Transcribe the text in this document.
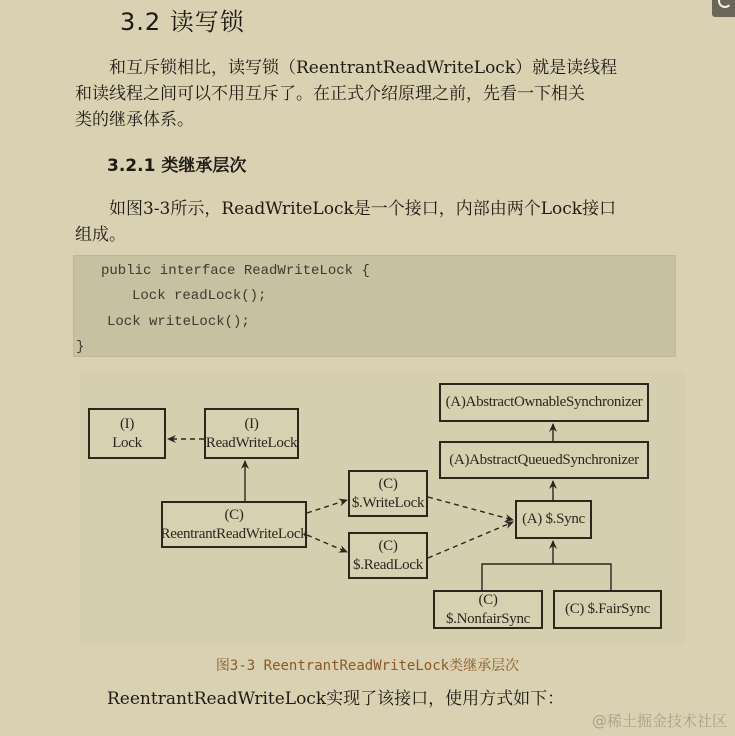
3.2 读写锁
和互斥锁相比，读写锁（ReentrantReadWriteLock）就是读线程
和读线程之间可以不用互斥了。在正式介绍原理之前，先看一下相关
类的继承体系。
3.2.1 类继承层次
如图3-3所示，ReadWriteLock是一个接口，内部由两个Lock接口
组成。
public interface ReadWriteLock {
Lock readLock();
Lock writeLock();
}
(I)
Lock
(I)
ReadWriteLock
(C)
ReentrantReadWriteLock
(C)
$.WriteLock
(C)
$.ReadLock
(A)AbstractOwnableSynchronizer
(A)AbstractQueuedSynchronizer
(A) $.Sync
(C) $.NonfairSync
(C) $.FairSync
图3-3 ReentrantReadWriteLock类继承层次
ReentrantReadWriteLock实现了该接口，使用方式如下：
@稀土掘金技术社区
